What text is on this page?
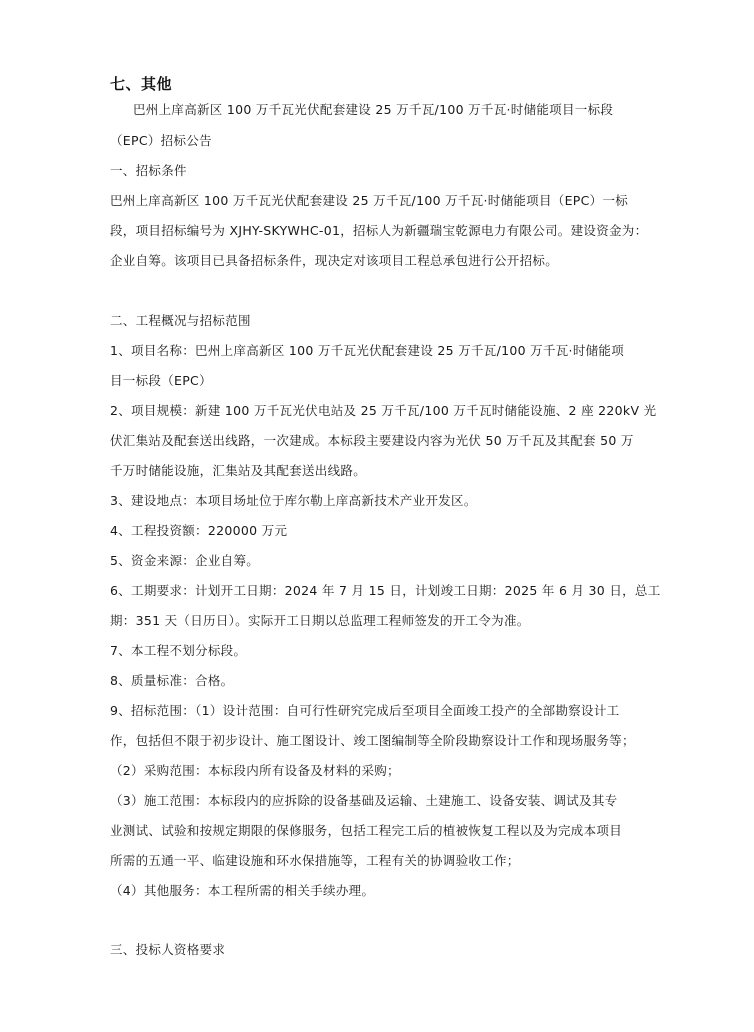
七、其他
巴州上庠高新区 100 万千瓦光伏配套建设 25 万千瓦/100 万千瓦·时储能项目一标段
（EPC）招标公告
一、招标条件
巴州上庠高新区 100 万千瓦光伏配套建设 25 万千瓦/100 万千瓦·时储能项目（EPC）一标
段，项目招标编号为 XJHY-SKYWHC-01，招标人为新疆瑞宝乾源电力有限公司。建设资金为：
企业自筹。该项目已具备招标条件，现决定对该项目工程总承包进行公开招标。
二、工程概况与招标范围
1、项目名称：巴州上庠高新区 100 万千瓦光伏配套建设 25 万千瓦/100 万千瓦·时储能项
目一标段（EPC）
2、项目规模：新建 100 万千瓦光伏电站及 25 万千瓦/100 万千瓦时储能设施、2 座 220kV 光
伏汇集站及配套送出线路，一次建成。本标段主要建设内容为光伏 50 万千瓦及其配套 50 万
千万时储能设施，汇集站及其配套送出线路。
3、建设地点：本项目场址位于库尔勒上庠高新技术产业开发区。
4、工程投资额：220000 万元
5、资金来源：企业自筹。
6、工期要求：计划开工日期：2024 年 7 月 15 日，计划竣工日期：2025 年 6 月 30 日，总工
期：351 天（日历日）。实际开工日期以总监理工程师签发的开工令为准。
7、本工程不划分标段。
8、质量标准：合格。
9、招标范围：（1）设计范围：自可行性研究完成后至项目全面竣工投产的全部勘察设计工
作，包括但不限于初步设计、施工图设计、竣工图编制等全阶段勘察设计工作和现场服务等；
（2）采购范围：本标段内所有设备及材料的采购；
（3）施工范围：本标段内的应拆除的设备基础及运输、土建施工、设备安装、调试及其专
业测试、试验和按规定期限的保修服务，包括工程完工后的植被恢复工程以及为完成本项目
所需的五通一平、临建设施和环水保措施等，工程有关的协调验收工作；
（4）其他服务：本工程所需的相关手续办理。
三、投标人资格要求
